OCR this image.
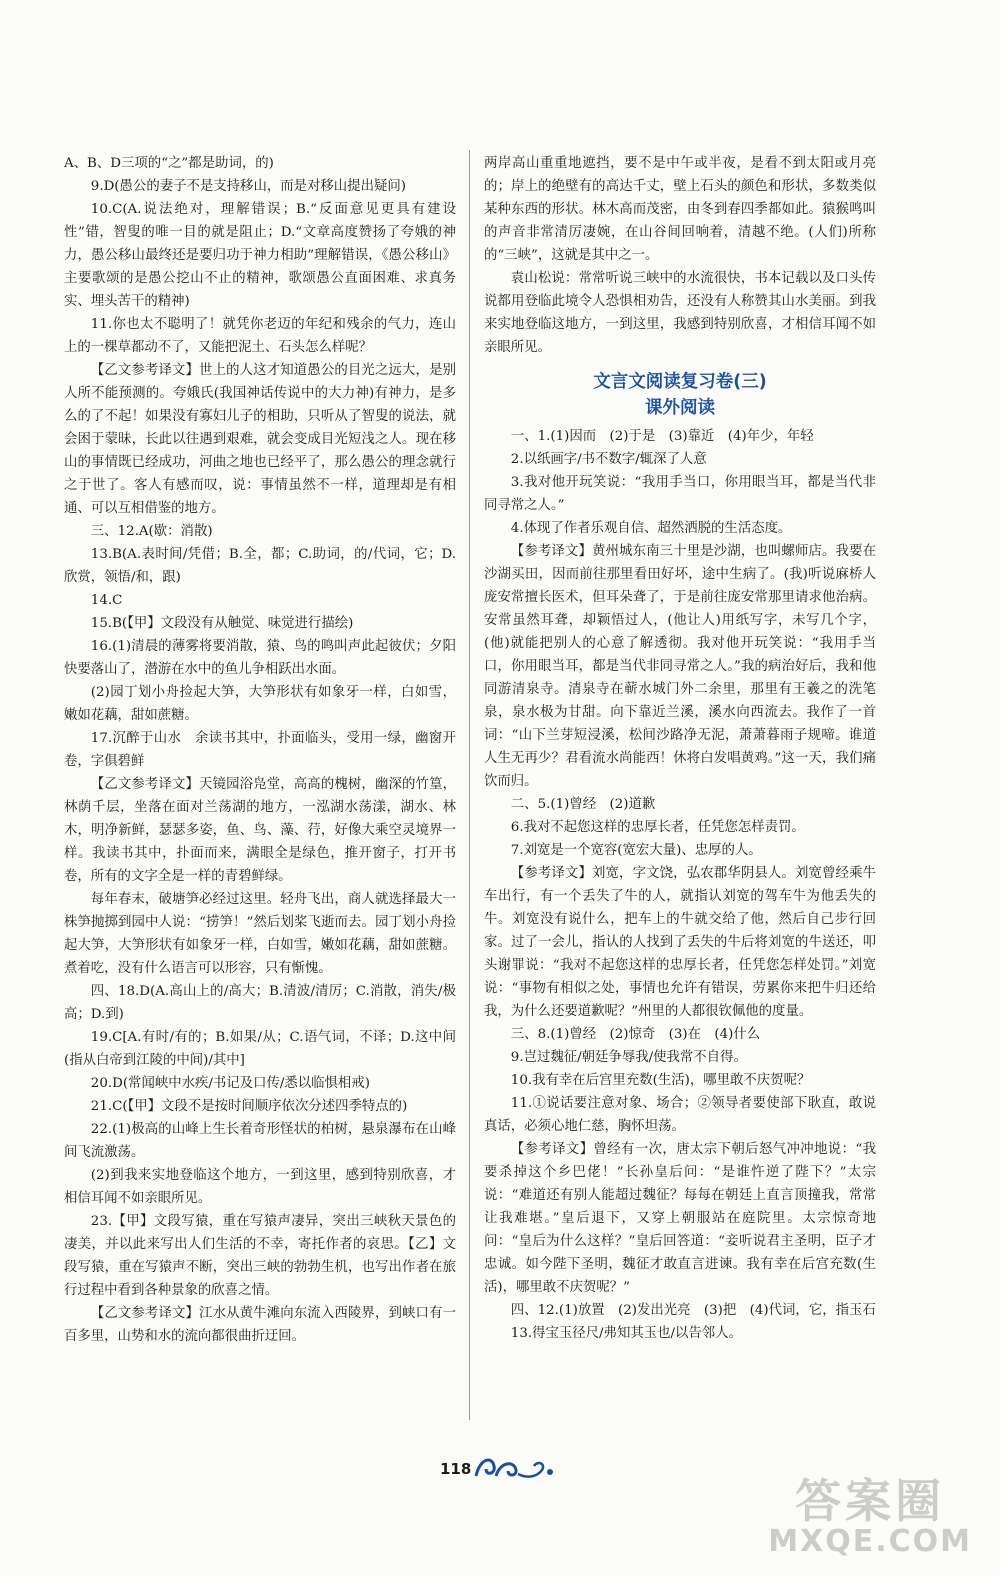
A、B、D三项的“之”都是助词，的)

9.D(愚公的妻子不是支持移山，而是对移山提出疑问)

10.C(A.说法绝对，理解错误；B.“反面意见更具有建设性”错，智叟的唯一目的就是阻止；D.“文章高度赞扬了夸娥的神力，愚公移山最终还是要归功于神力相助”理解错误，《愚公移山》主要歌颂的是愚公挖山不止的精神，歌颂愚公直面困难、求真务实、埋头苦干的精神)

11.你也太不聪明了！就凭你老迈的年纪和残余的气力，连山上的一棵草都动不了，又能把泥土、石头怎么样呢？

【乙文参考译文】世上的人这才知道愚公的目光之远大，是别人所不能预测的。夸娥氏(我国神话传说中的大力神)有神力，是多么的了不起！如果没有寡妇儿子的相助，只听从了智叟的说法，就会困于蒙昧，长此以往遇到艰难，就会变成目光短浅之人。现在移山的事情既已经成功，河曲之地也已经平了，那么愚公的理念就行之于世了。客人有感而叹，说：事情虽然不一样，道理却是有相通、可以互相借鉴的地方。

三、12.A(歇：消散)

13.B(A.表时间/凭借；B.全，都；C.助词，的/代词，它；D.欣赏，领悟/和，跟)

14.C

15.B(【甲】文段没有从触觉、味觉进行描绘)

16.(1)清晨的薄雾将要消散，猿、鸟的鸣叫声此起彼伏；夕阳快要落山了，潜游在水中的鱼儿争相跃出水面。

(2)园丁划小舟捡起大笋，大笋形状有如象牙一样，白如雪，嫩如花藕，甜如蔗糖。

17.沉醉于山水　余读书其中，扑面临头，受用一绿，幽窗开卷，字俱碧鲜

【乙文参考译文】天镜园浴凫堂，高高的槐树，幽深的竹篁，林荫千层，坐落在面对兰荡湖的地方，一泓湖水荡漾，湖水、林木，明净新鲜，瑟瑟多姿，鱼、鸟、藻、荇，好像大乘空灵境界一样。我读书其中，扑面而来，满眼全是绿色，推开窗子，打开书卷，所有的文字全是一样的青碧鲜绿。

每年春末，破塘笋必经过这里。轻舟飞出，商人就选择最大一株笋抛掷到园中人说：“捞笋！”然后划桨飞逝而去。园丁划小舟捡起大笋，大笋形状有如象牙一样，白如雪，嫩如花藕，甜如蔗糖。煮着吃，没有什么语言可以形容，只有惭愧。

四、18.D(A.高山上的/高大；B.清波/清厉；C.消散，消失/极高；D.到)

19.C[A.有时/有的；B.如果/从；C.语气词，不译；D.这中间(指从白帝到江陵的中间)/其中]

20.D(常闻峡中水疾/书记及口传/悉以临惧相戒)

21.C(【甲】文段不是按时间顺序依次分述四季特点的)

22.(1)极高的山峰上生长着奇形怪状的柏树，悬泉瀑布在山峰间飞流激荡。

(2)到我来实地登临这个地方，一到这里，感到特别欣喜，才相信耳闻不如亲眼所见。

23.【甲】文段写猿，重在写猿声凄异，突出三峡秋天景色的凄美，并以此来写出人们生活的不幸，寄托作者的哀思。【乙】文段写猿，重在写猿声不断，突出三峡的勃勃生机，也写出作者在旅行过程中看到各种景象的欣喜之情。

【乙文参考译文】江水从黄牛滩向东流入西陵界，到峡口有一百多里，山势和水的流向都很曲折迂回。

两岸高山重重地遮挡，要不是中午或半夜，是看不到太阳或月亮的；岸上的绝壁有的高达千丈，壁上石头的颜色和形状，多数类似某种东西的形状。林木高而茂密，由冬到春四季都如此。猿猴鸣叫的声音非常清厉凄婉，在山谷间回响着，清越不绝。(人们)所称的“三峡”，这就是其中之一。

袁山松说：常常听说三峡中的水流很快，书本记载以及口头传说都用登临此境令人恐惧相劝告，还没有人称赞其山水美丽。到我来实地登临这地方，一到这里，我感到特别欣喜，才相信耳闻不如亲眼所见。

文言文阅读复习卷(三)
课外阅读

一、1.(1)因而　(2)于是　(3)靠近　(4)年少，年轻

2.以纸画字/书不数字/辄深了人意

3.我对他开玩笑说：“我用手当口，你用眼当耳，都是当代非同寻常之人。”

4.体现了作者乐观自信、超然洒脱的生活态度。

【参考译文】黄州城东南三十里是沙湖，也叫螺师店。我要在沙湖买田，因而前往那里看田好坏，途中生病了。(我)听说麻桥人庞安常擅长医术，但耳朵聋了，于是前往庞安常那里请求他治病。安常虽然耳聋，却颖悟过人，(他让人)用纸写字，未写几个字，(他)就能把别人的心意了解透彻。我对他开玩笑说：“我用手当口，你用眼当耳，都是当代非同寻常之人。”我的病治好后，我和他同游清泉寺。清泉寺在蕲水城门外二余里，那里有王羲之的洗笔泉，泉水极为甘甜。向下靠近兰溪，溪水向西流去。我作了一首词：“山下兰芽短浸溪，松间沙路净无泥，萧萧暮雨子规啼。谁道人生无再少？君看流水尚能西！休将白发唱黄鸡。”这一天，我们痛饮而归。

二、5.(1)曾经　(2)道歉

6.我对不起您这样的忠厚长者，任凭您怎样责罚。

7.刘宽是一个宽容(宽宏大量)、忠厚的人。

【参考译文】刘宽，字文饶，弘农郡华阴县人。刘宽曾经乘牛车出行，有一个丢失了牛的人，就指认刘宽的驾车牛为他丢失的牛。刘宽没有说什么，把车上的牛就交给了他，然后自己步行回家。过了一会儿，指认的人找到了丢失的牛后将刘宽的牛送还，叩头谢罪说：“我对不起您这样的忠厚长者，任凭您怎样处罚。”刘宽说：“事物有相似之处，事情也允许有错误，劳累你来把牛归还给我，为什么还要道歉呢？”州里的人都很钦佩他的度量。

三、8.(1)曾经　(2)惊奇　(3)在　(4)什么

9.岂过魏征/朝廷争辱我/使我常不自得。

10.我有幸在后宫里充数(生活)，哪里敢不庆贺呢？

11.①说话要注意对象、场合；②领导者要使部下耿直，敢说真话，必须心地仁慈，胸怀坦荡。

【参考译文】曾经有一次，唐太宗下朝后怒气冲冲地说：“我要杀掉这个乡巴佬！”长孙皇后问：“是谁忤逆了陛下？”太宗说：“难道还有别人能超过魏征？每每在朝廷上直言顶撞我，常常让我难堪。”皇后退下，又穿上朝服站在庭院里。太宗惊奇地问：“皇后为什么这样？”皇后回答道：“妾听说君主圣明，臣子才忠诚。如今陛下圣明，魏征才敢直言进谏。我有幸在后宫充数(生活)，哪里敢不庆贺呢？”

四、12.(1)放置　(2)发出光亮　(3)把　(4)代词，它，指玉石

13.得宝玉径尺/弗知其玉也/以告邻人。

118
答案圈
MXQE.COM
